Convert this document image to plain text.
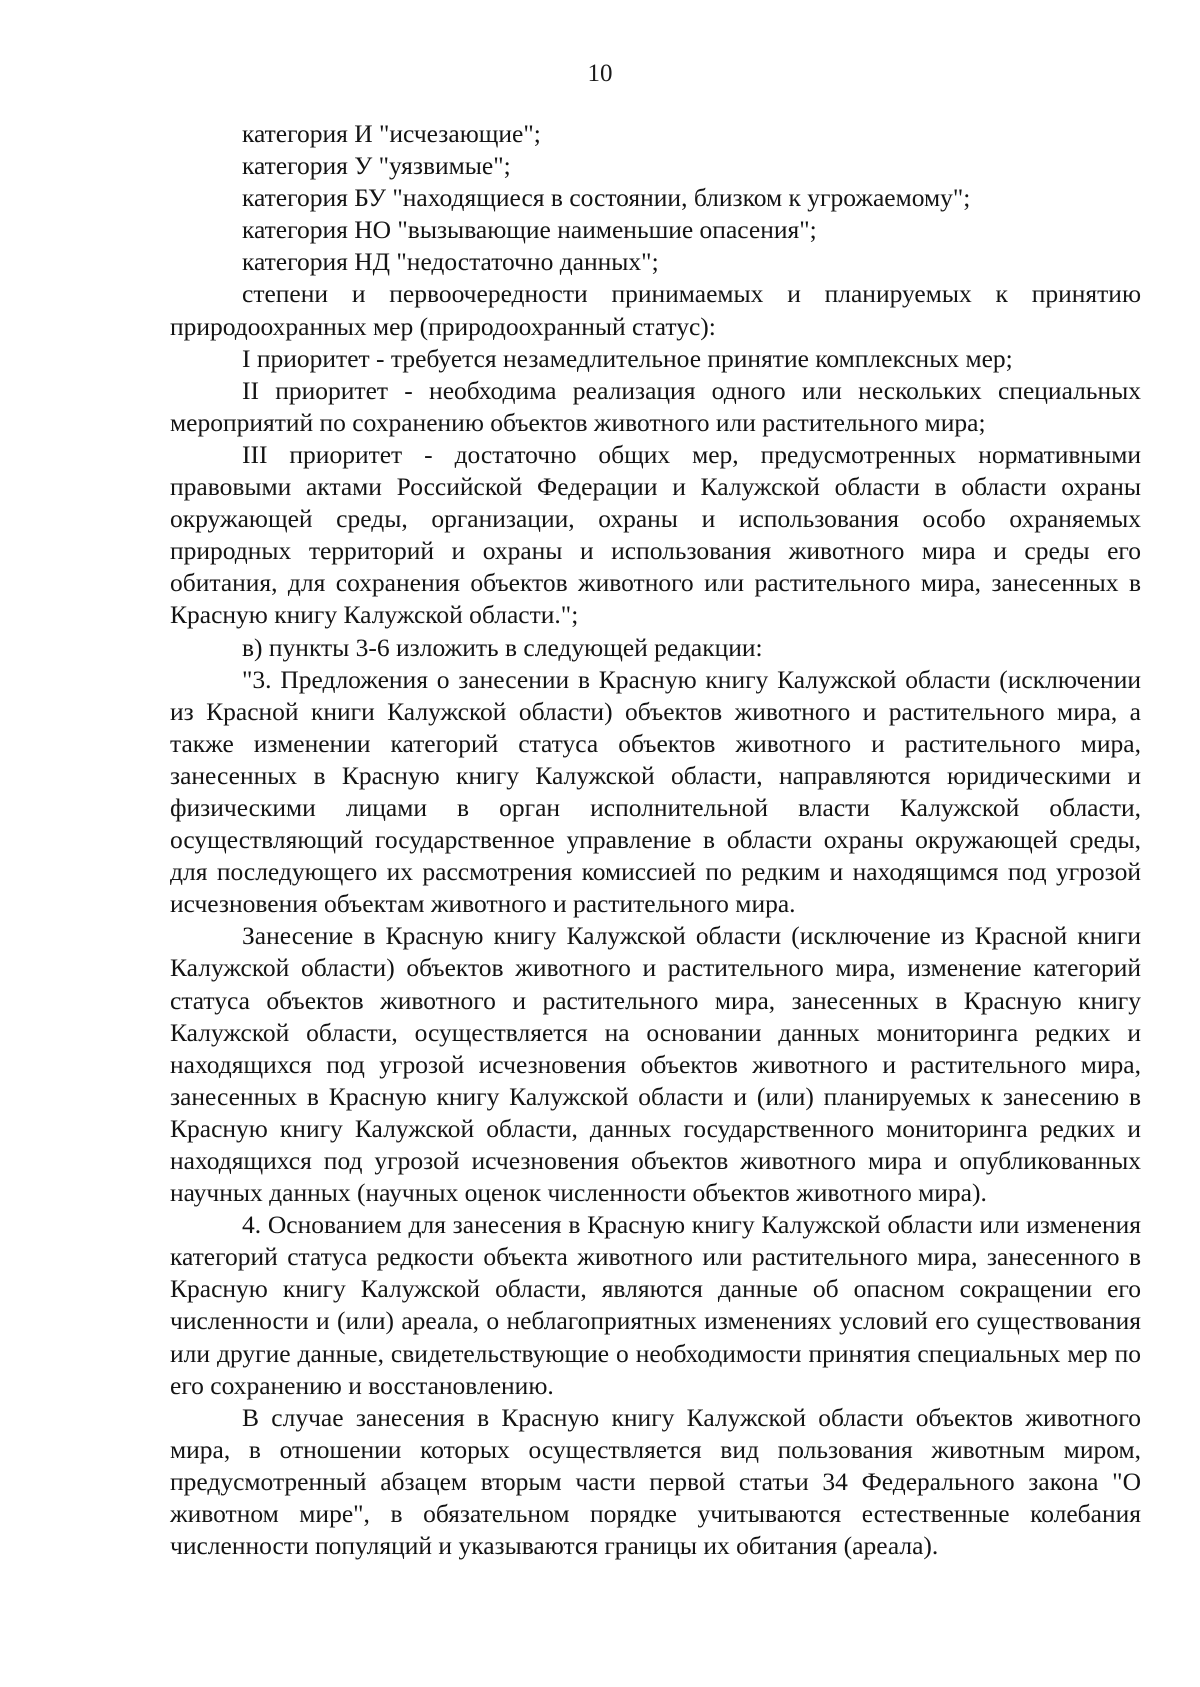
10

категория И "исчезающие";

категория У "уязвимые";

категория БУ "находящиеся в состоянии, близком к угрожаемому";

категория НО "вызывающие наименьшие опасения";

категория НД "недостаточно данных";

степени и первоочередности принимаемых и планируемых к принятию природоохранных мер (природоохранный статус):

I приоритет - требуется незамедлительное принятие комплексных мер;

II приоритет - необходима реализация одного или нескольких специальных мероприятий по сохранению объектов животного или растительного мира;

III приоритет - достаточно общих мер, предусмотренных нормативными правовыми актами Российской Федерации и Калужской области в области охраны окружающей среды, организации, охраны и использования особо охраняемых природных территорий и охраны и использования животного мира и среды его обитания, для сохранения объектов животного или растительного мира, занесенных в Красную книгу Калужской области.";

в) пункты 3-6 изложить в следующей редакции:

"3. Предложения о занесении в Красную книгу Калужской области (исключении из Красной книги Калужской области) объектов животного и растительного мира, а также изменении категорий статуса объектов животного и растительного мира, занесенных в Красную книгу Калужской области, направляются юридическими и физическими лицами в орган исполнительной власти Калужской области, осуществляющий государственное управление в области охраны окружающей среды, для последующего их рассмотрения комиссией по редким и находящимся под угрозой исчезновения объектам животного и растительного мира.

Занесение в Красную книгу Калужской области (исключение из Красной книги Калужской области) объектов животного и растительного мира, изменение категорий статуса объектов животного и растительного мира, занесенных в Красную книгу Калужской области, осуществляется на основании данных мониторинга редких и находящихся под угрозой исчезновения объектов животного и растительного мира, занесенных в Красную книгу Калужской области и (или) планируемых к занесению в Красную книгу Калужской области, данных государственного мониторинга редких и находящихся под угрозой исчезновения объектов животного мира и опубликованных научных данных (научных оценок численности объектов животного мира).

4. Основанием для занесения в Красную книгу Калужской области или изменения категорий статуса редкости объекта животного или растительного мира, занесенного в Красную книгу Калужской области, являются данные об опасном сокращении его численности и (или) ареала, о неблагоприятных изменениях условий его существования или другие данные, свидетельствующие о необходимости принятия специальных мер по его сохранению и восстановлению.

В случае занесения в Красную книгу Калужской области объектов животного мира, в отношении которых осуществляется вид пользования животным миром, предусмотренный абзацем вторым части первой статьи 34 Федерального закона "О животном мире", в обязательном порядке учитываются естественные колебания численности популяций и указываются границы их обитания (ареала).
